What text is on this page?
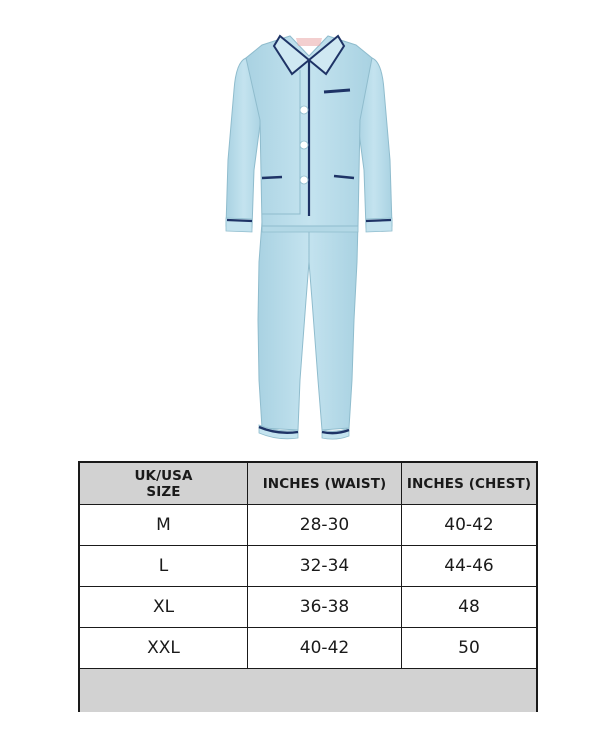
UK/USA
SIZE	INCHES (WAIST)	INCHES (CHEST)
M	28-30	40-42
L	32-34	44-46
XL	36-38	48
XXL	40-42	50
